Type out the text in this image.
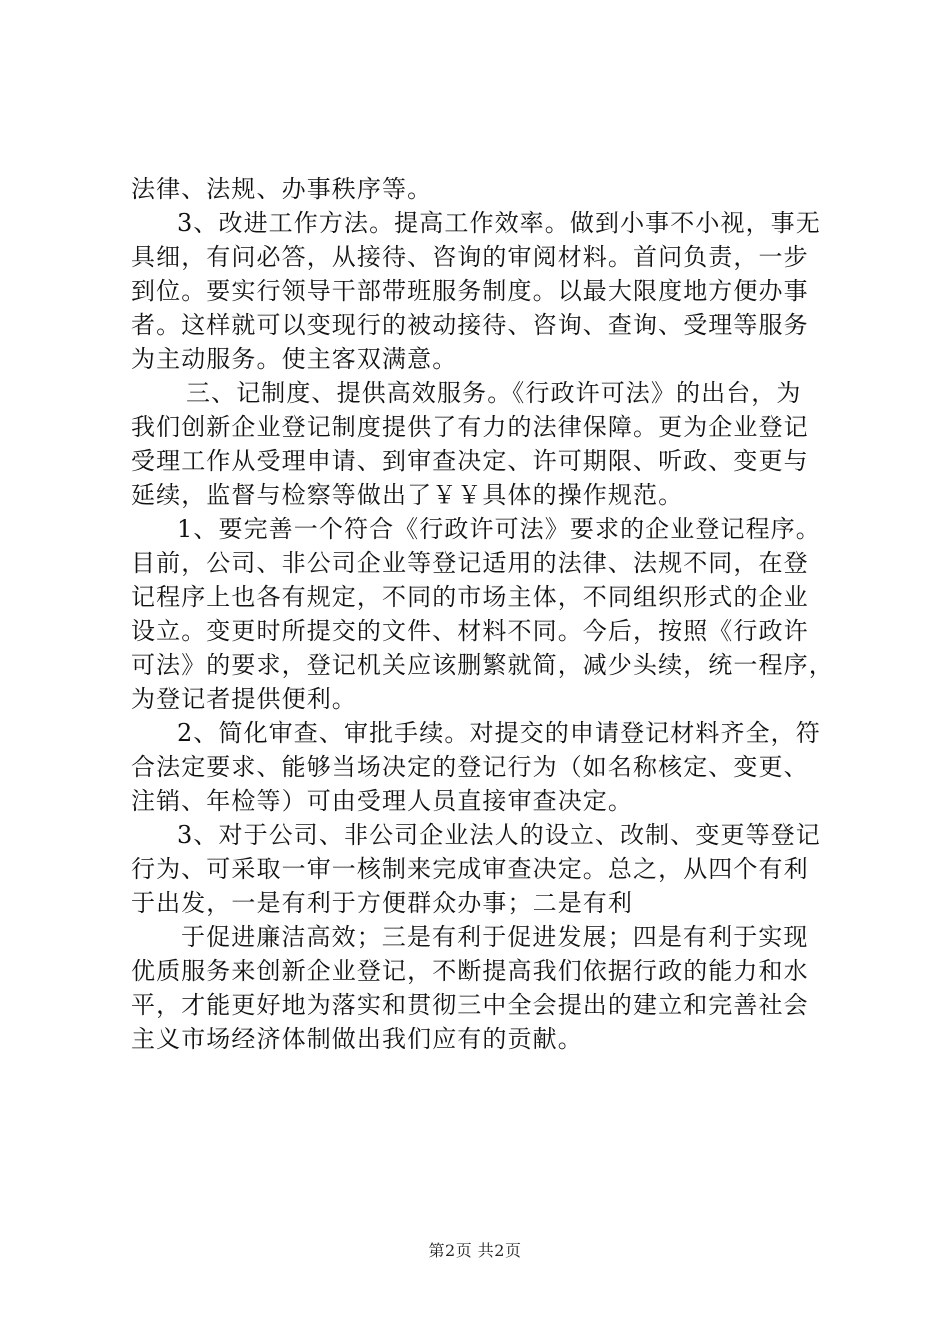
法律、法规、办事秩序等。
3、改进工作方法。提高工作效率。做到小事不小视，事无
具细，有问必答，从接待、咨询的审阅材料。首问负责，一步
到位。要实行领导干部带班服务制度。以最大限度地方便办事
者。这样就可以变现行的被动接待、咨询、查询、受理等服务
为主动服务。使主客双满意。
三、记制度、提供高效服务。《行政许可法》的出台，为
我们创新企业登记制度提供了有力的法律保障。更为企业登记
受理工作从受理申请、到审查决定、许可期限、听政、变更与
延续，监督与检察等做出了￥￥具体的操作规范。
1、要完善一个符合《行政许可法》要求的企业登记程序。
目前，公司、非公司企业等登记适用的法律、法规不同，在登
记程序上也各有规定，不同的市场主体，不同组织形式的企业
设立。变更时所提交的文件、材料不同。今后，按照《行政许
可法》的要求，登记机关应该删繁就简，减少头续，统一程序，
为登记者提供便利。
2、简化审查、审批手续。对提交的申请登记材料齐全，符
合法定要求、能够当场决定的登记行为（如名称核定、变更、
注销、年检等）可由受理人员直接审查决定。
3、对于公司、非公司企业法人的设立、改制、变更等登记
行为、可采取一审一核制来完成审查决定。总之，从四个有利
于出发，一是有利于方便群众办事；二是有利
于促进廉洁高效；三是有利于促进发展；四是有利于实现
优质服务来创新企业登记，不断提高我们依据行政的能力和水
平，才能更好地为落实和贯彻三中全会提出的建立和完善社会
主义市场经济体制做出我们应有的贡献。
第2页 共2页
